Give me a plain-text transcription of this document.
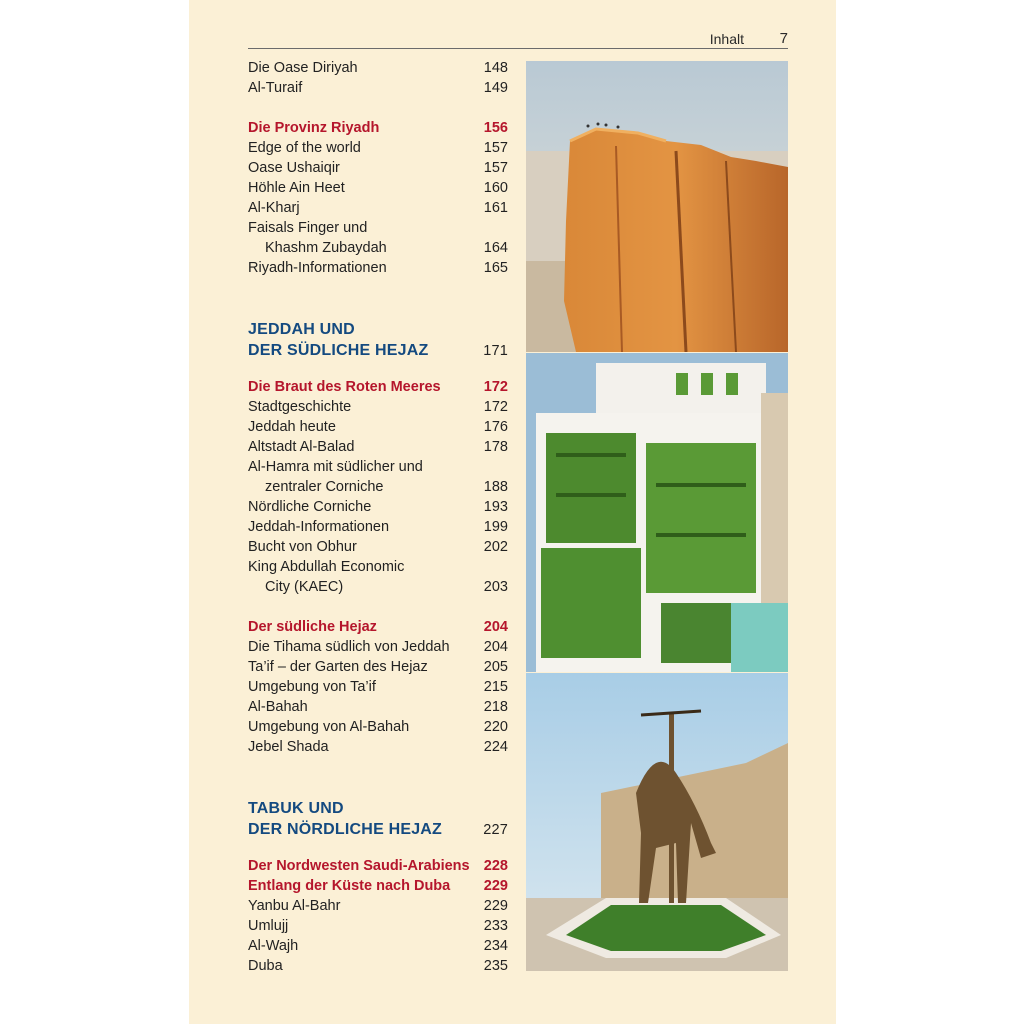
Inhalt 7
Die Oase Diriyah	148
Al-Turaif	149
Die Provinz Riyadh	156
Edge of the world	157
Oase Ushaiqir	157
Höhle Ain Heet	160
Al-Kharj	161
Faisals Finger und
Khashm Zubaydah	164
Riyadh-Informationen	165
JEDDAH UND
DER SÜDLICHE HEJAZ	171
Die Braut des Roten Meeres	172
Stadtgeschichte	172
Jeddah heute	176
Altstadt Al-Balad	178
Al-Hamra mit südlicher und
zentraler Corniche	188
Nördliche Corniche	193
Jeddah-Informationen	199
Bucht von Obhur	202
King Abdullah Economic
City (KAEC)	203
Der südliche Hejaz	204
Die Tihama südlich von Jeddah 204
Ta’if – der Garten des Hejaz	205
Umgebung von Ta’if	215
Al-Bahah	218
Umgebung von Al-Bahah	220
Jebel Shada	224
TABUK UND
DER NÖRDLICHE HEJAZ	227
Der Nordwesten Saudi-Arabiens 228
Entlang der Küste nach Duba 229
Yanbu Al-Bahr	229
Umlujj	233
Al-Wajh	234
Duba	235
